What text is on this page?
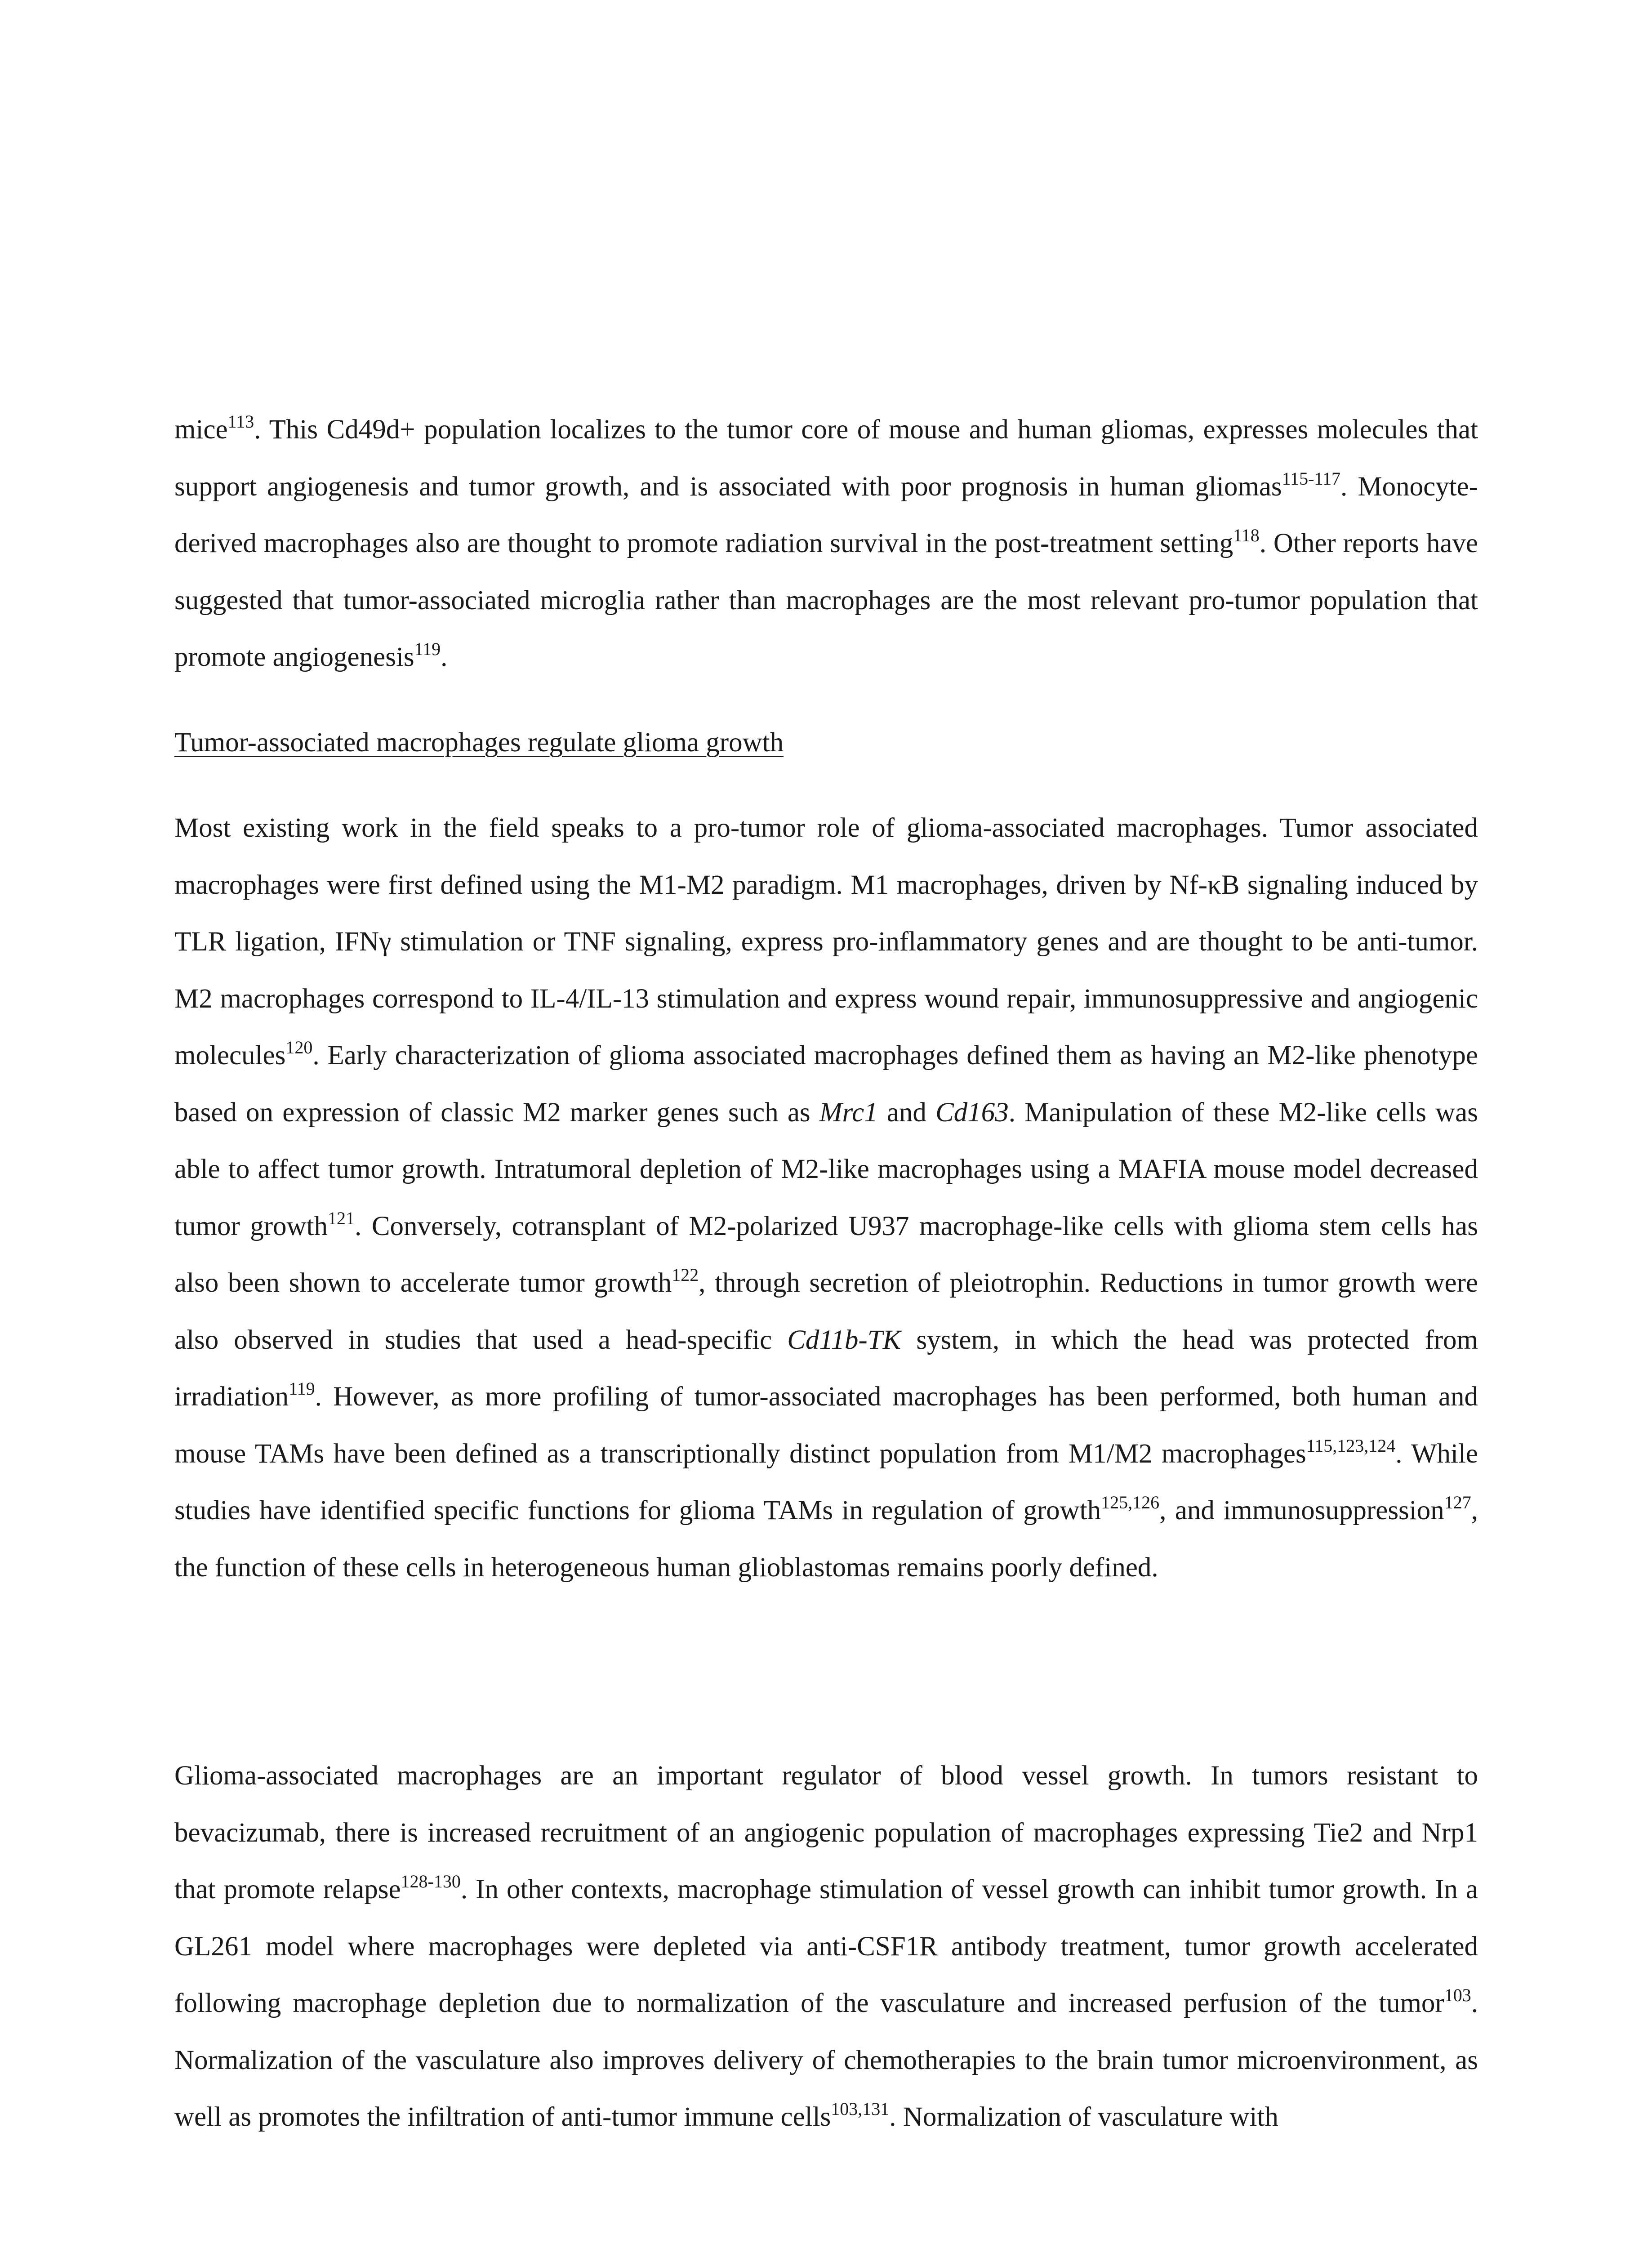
mice$^{113}$. This Cd49d+ population localizes to the tumor core of mouse and human gliomas, expresses molecules that support angiogenesis and tumor growth, and is associated with poor prognosis in human gliomas$^{115-117}$. Monocyte-derived macrophages also are thought to promote radiation survival in the post-treatment setting$^{118}$. Other reports have suggested that tumor-associated microglia rather than macrophages are the most relevant pro-tumor population that promote angiogenesis$^{119}$.

Tumor-associated macrophages regulate glioma growth

Most existing work in the field speaks to a pro-tumor role of glioma-associated macrophages. Tumor associated macrophages were first defined using the M1-M2 paradigm. M1 macrophages, driven by Nf-κB signaling induced by TLR ligation, IFNγ stimulation or TNF signaling, express pro-inflammatory genes and are thought to be anti-tumor. M2 macrophages correspond to IL-4/IL-13 stimulation and express wound repair, immunosuppressive and angiogenic molecules$^{120}$. Early characterization of glioma associated macrophages defined them as having an M2-like phenotype based on expression of classic M2 marker genes such as Mrc1 and Cd163. Manipulation of these M2-like cells was able to affect tumor growth. Intratumoral depletion of M2-like macrophages using a MAFIA mouse model decreased tumor growth$^{121}$. Conversely, cotransplant of M2-polarized U937 macrophage-like cells with glioma stem cells has also been shown to accelerate tumor growth$^{122}$, through secretion of pleiotrophin. Reductions in tumor growth were also observed in studies that used a head-specific Cd11b-TK system, in which the head was protected from irradiation$^{119}$. However, as more profiling of tumor-associated macrophages has been performed, both human and mouse TAMs have been defined as a transcriptionally distinct population from M1/M2 macrophages$^{115,123,124}$. While studies have identified specific functions for glioma TAMs in regulation of growth$^{125,126}$, and immunosuppression$^{127}$, the function of these cells in heterogeneous human glioblastomas remains poorly defined.

Glioma-associated macrophages are an important regulator of blood vessel growth. In tumors resistant to bevacizumab, there is increased recruitment of an angiogenic population of macrophages expressing Tie2 and Nrp1 that promote relapse$^{128-130}$. In other contexts, macrophage stimulation of vessel growth can inhibit tumor growth. In a GL261 model where macrophages were depleted via anti-CSF1R antibody treatment, tumor growth accelerated following macrophage depletion due to normalization of the vasculature and increased perfusion of the tumor$^{103}$. Normalization of the vasculature also improves delivery of chemotherapies to the brain tumor microenvironment, as well as promotes the infiltration of anti-tumor immune cells$^{103,131}$. Normalization of vasculature with
